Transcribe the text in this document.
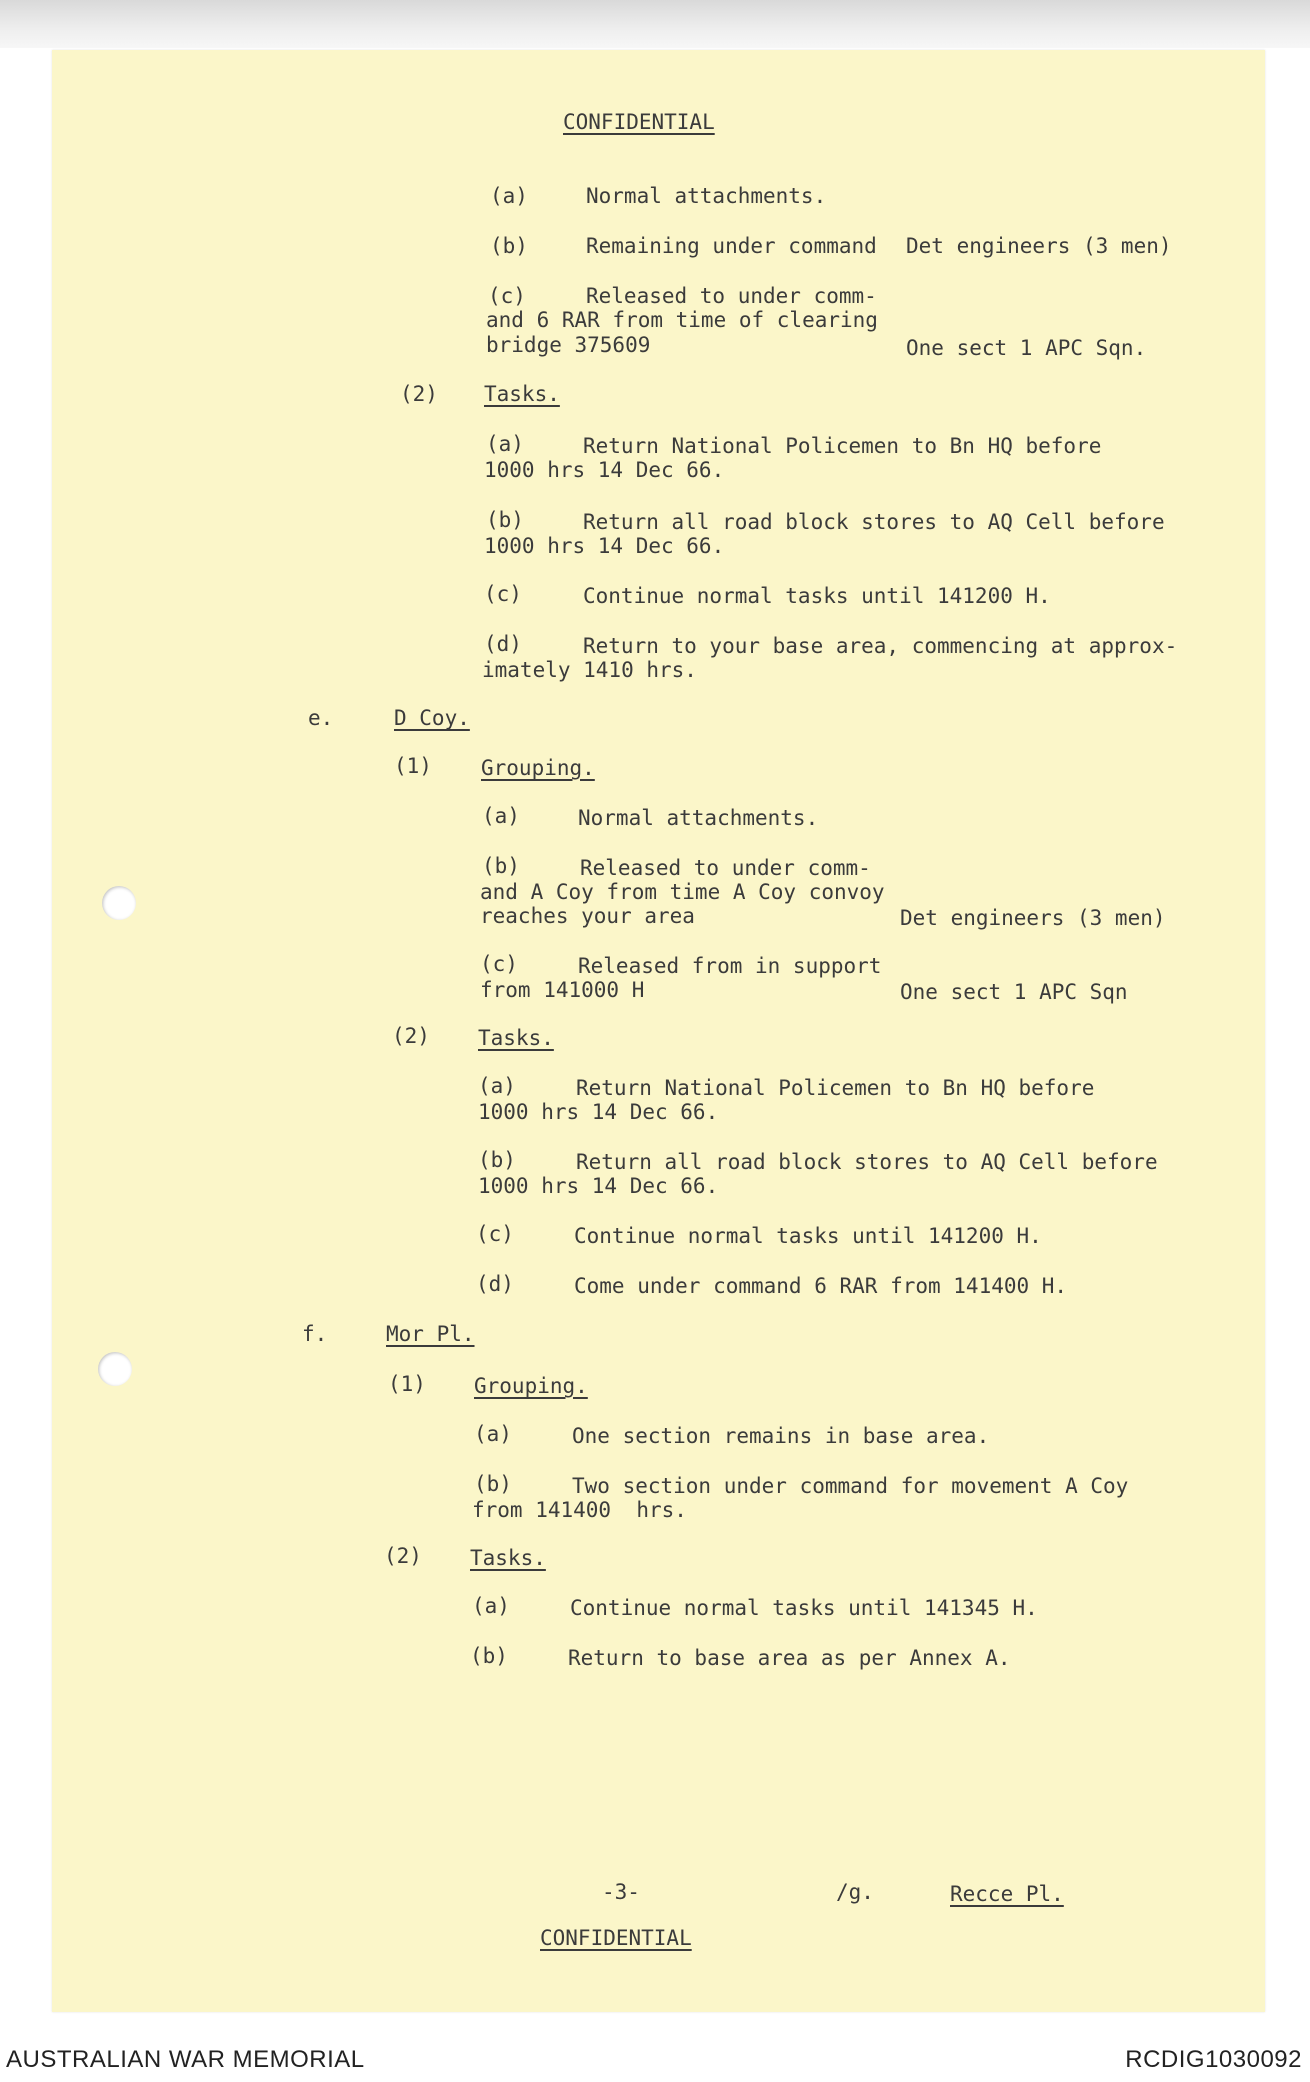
CONFIDENTIAL
(a)	Normal attachments.
(b)	Remaining under command Det engineers (3 men)
(c)	Released to under comm-
and 6 RAR from time of clearing
bridge 375609	One sect 1 APC Sqn.
(2) Tasks.
(a)	Return National Policemen to Bn HQ before
1000 hrs 14 Dec 66.
(b)	Return all road block stores to AQ Cell before
1000 hrs 14 Dec 66.
(c)	Continue normal tasks until 141200 H.
(d)	Return to your base area, commencing at approx-
imately 1410 hrs.
e.	D Coy.
(1) Grouping.
(a)	Normal attachments.
(b)	Released to under comm-
and A Coy from time A Coy convoy
reaches your area	Det engineers (3 men)
(c)	Released from in support
from 141000 H	One sect 1 APC Sqn
(2) Tasks.
(a)	Return National Policemen to Bn HQ before
1000 hrs 14 Dec 66.
(b)	Return all road block stores to AQ Cell before
1000 hrs 14 Dec 66.
(c)	Continue normal tasks until 141200 H.
(d)	Come under command 6 RAR from 141400 H.
f.	Mor Pl.
(1) Grouping.
(a)	One section remains in base area.
(b)	Two section under command for movement A Coy
from 141400  hrs.
(2) Tasks.
(a)	Continue normal tasks until 141345 H.
(b)	Return to base area as per Annex A.
-3-	/g.	Recce Pl.
CONFIDENTIAL
AUSTRALIAN WAR MEMORIAL	RCDIG1030092
